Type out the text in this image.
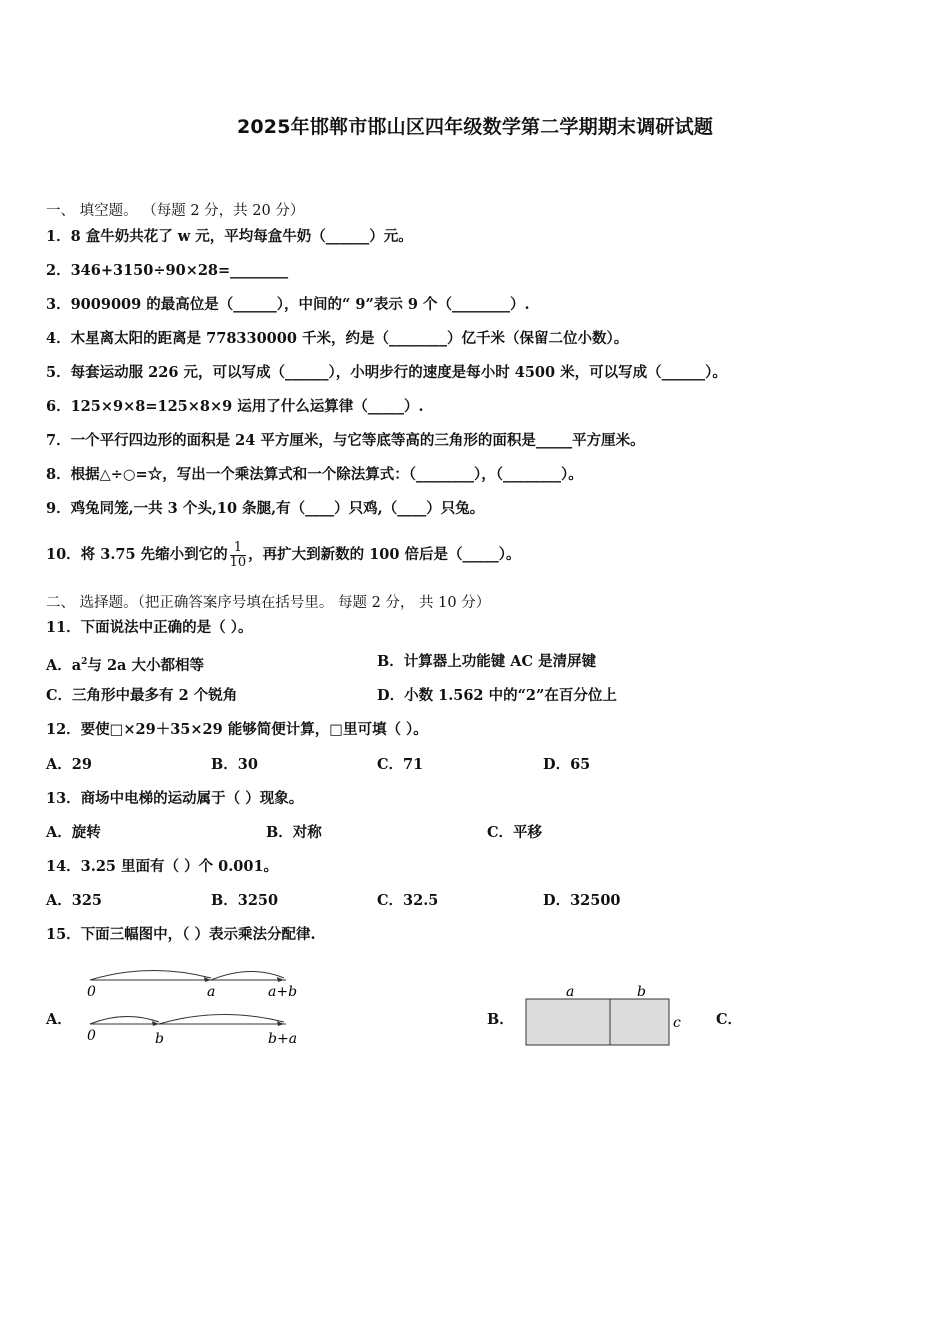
2025年邯郸市邯山区四年级数学第二学期期末调研试题
一、 填空题。 （每题 2 分，共 20 分）
1．8 盒牛奶共花了 w 元，平均每盒牛奶（______）元。
2．346+3150÷90×28=________
3．9009009 的最高位是（______），中间的“ 9”表示 9 个（________）.
4．木星离太阳的距离是 778330000 千米，约是（________）亿千米（保留二位小数）。
5．每套运动服 226 元，可以写成（______），小明步行的速度是每小时 4500 米，可以写成（______）。
6．125×9×8=125×8×9 运用了什么运算律（_____）.
7．一个平行四边形的面积是 24 平方厘米，与它等底等高的三角形的面积是_____平方厘米。
8．根据△÷○=☆，写出一个乘法算式和一个除法算式：（________），（________）。
9．鸡兔同笼,一共 3 个头,10 条腿,有（____）只鸡,（____）只兔。
10．将 3.75 先缩小到它的 $\frac{1}{10}$ ，再扩大到新数的 100 倍后是（_____）。
二、 选择题。（把正确答案序号填在括号里。 每题 2 分， 共 10 分）
11．下面说法中正确的是（ ）。
A．$a^2$与 2a 大小都相等	B．计算器上功能键 AC 是清屏键
C．三角形中最多有 2 个锐角	D．小数 1.562 中的“2”在百分位上
12．要使□×29＋35×29 能够简便计算，□里可填（ ）。
A．29	B．30	C．71	D．65
13．商场中电梯的运动属于（ ）现象。
A．旋转	B．对称	C．平移
14．3.25 里面有（ ）个 0.001。
A．325	B．3250	C．32.5	D．32500
15．下面三幅图中，（ ）表示乘法分配律.
A．
0	a	a+b
0	b	b+a
B．
a	b
c C．
